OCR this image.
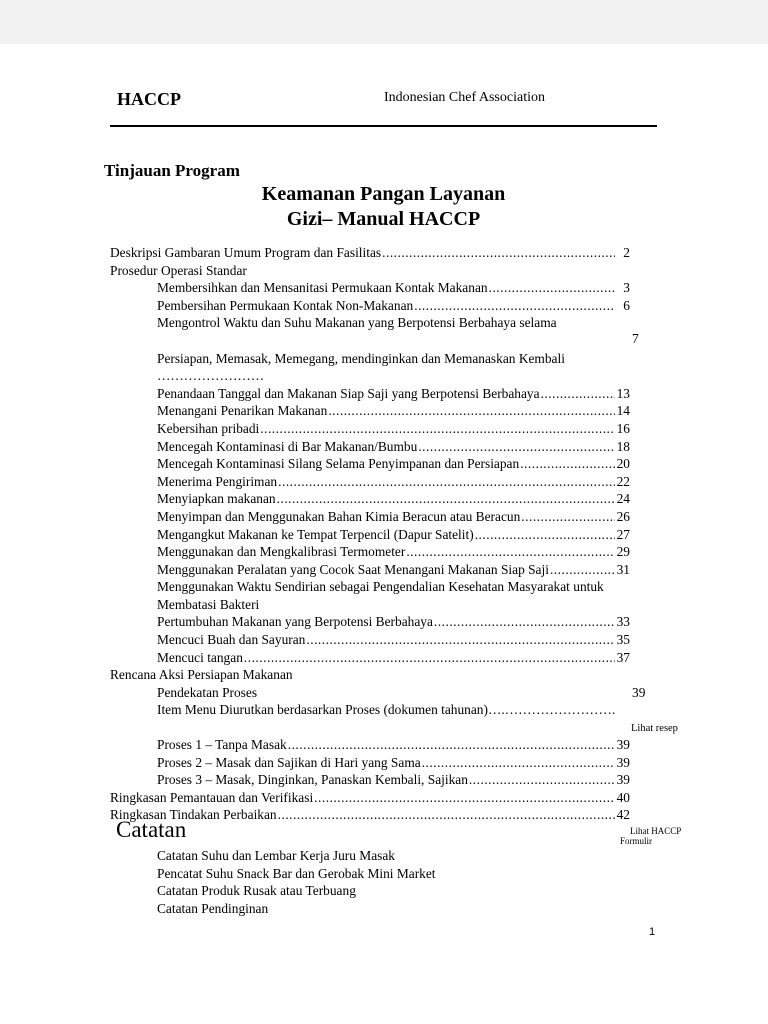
HACCP	Indonesian Chef Association
Tinjauan Program
Keamanan Pangan Layanan
Gizi– Manual HACCP
Deskripsi Gambaran Umum Program dan Fasilitas .....	2
Prosedur Operasi Standar
Membersihkan dan Mensanitasi Permukaan Kontak Makanan .....	3
Pembersihan Permukaan Kontak Non-Makanan .....	6
Mengontrol Waktu dan Suhu Makanan yang Berpotensi Berbahaya selama
7
Persiapan, Memasak, Memegang, mendinginkan dan Memanaskan Kembali
……………………
Penandaan Tanggal dan Makanan Siap Saji yang Berpotensi Berbahaya .....	13
Menangani Penarikan Makanan .....	14
Kebersihan pribadi .....	16
Mencegah Kontaminasi di Bar Makanan/Bumbu .....	18
Mencegah Kontaminasi Silang Selama Penyimpanan dan Persiapan .....	20
Menerima Pengiriman .....	22
Menyiapkan makanan .....	24
Menyimpan dan Menggunakan Bahan Kimia Beracun atau Beracun .....	26
Mengangkut Makanan ke Tempat Terpencil (Dapur Satelit) .....	27
Menggunakan dan Mengkalibrasi Termometer .....	29
Menggunakan Peralatan yang Cocok Saat Menangani Makanan Siap Saji .....	31
Menggunakan Waktu Sendirian sebagai Pengendalian Kesehatan Masyarakat untuk
Membatasi Bakteri
Pertumbuhan Makanan yang Berpotensi Berbahaya .....	33
Mencuci Buah dan Sayuran .....	35
Mencuci tangan .....	37
Rencana Aksi Persiapan Makanan
Pendekatan Proses	39
Item Menu Diurutkan berdasarkan Proses (dokumen tahunan) ….…………………….
Lihat resep
Proses 1 – Tanpa Masak .....	39
Proses 2 – Masak dan Sajikan di Hari yang Sama .....	39
Proses 3 – Masak, Dinginkan, Panaskan Kembali, Sajikan .....	39
Ringkasan Pemantauan dan Verifikasi .....	40
Ringkasan Tindakan Perbaikan .....	42
Catatan	Lihat HACCP
Formulir
Catatan Suhu dan Lembar Kerja Juru Masak
Pencatat Suhu Snack Bar dan Gerobak Mini Market
Catatan Produk Rusak atau Terbuang
Catatan Pendinginan
1
